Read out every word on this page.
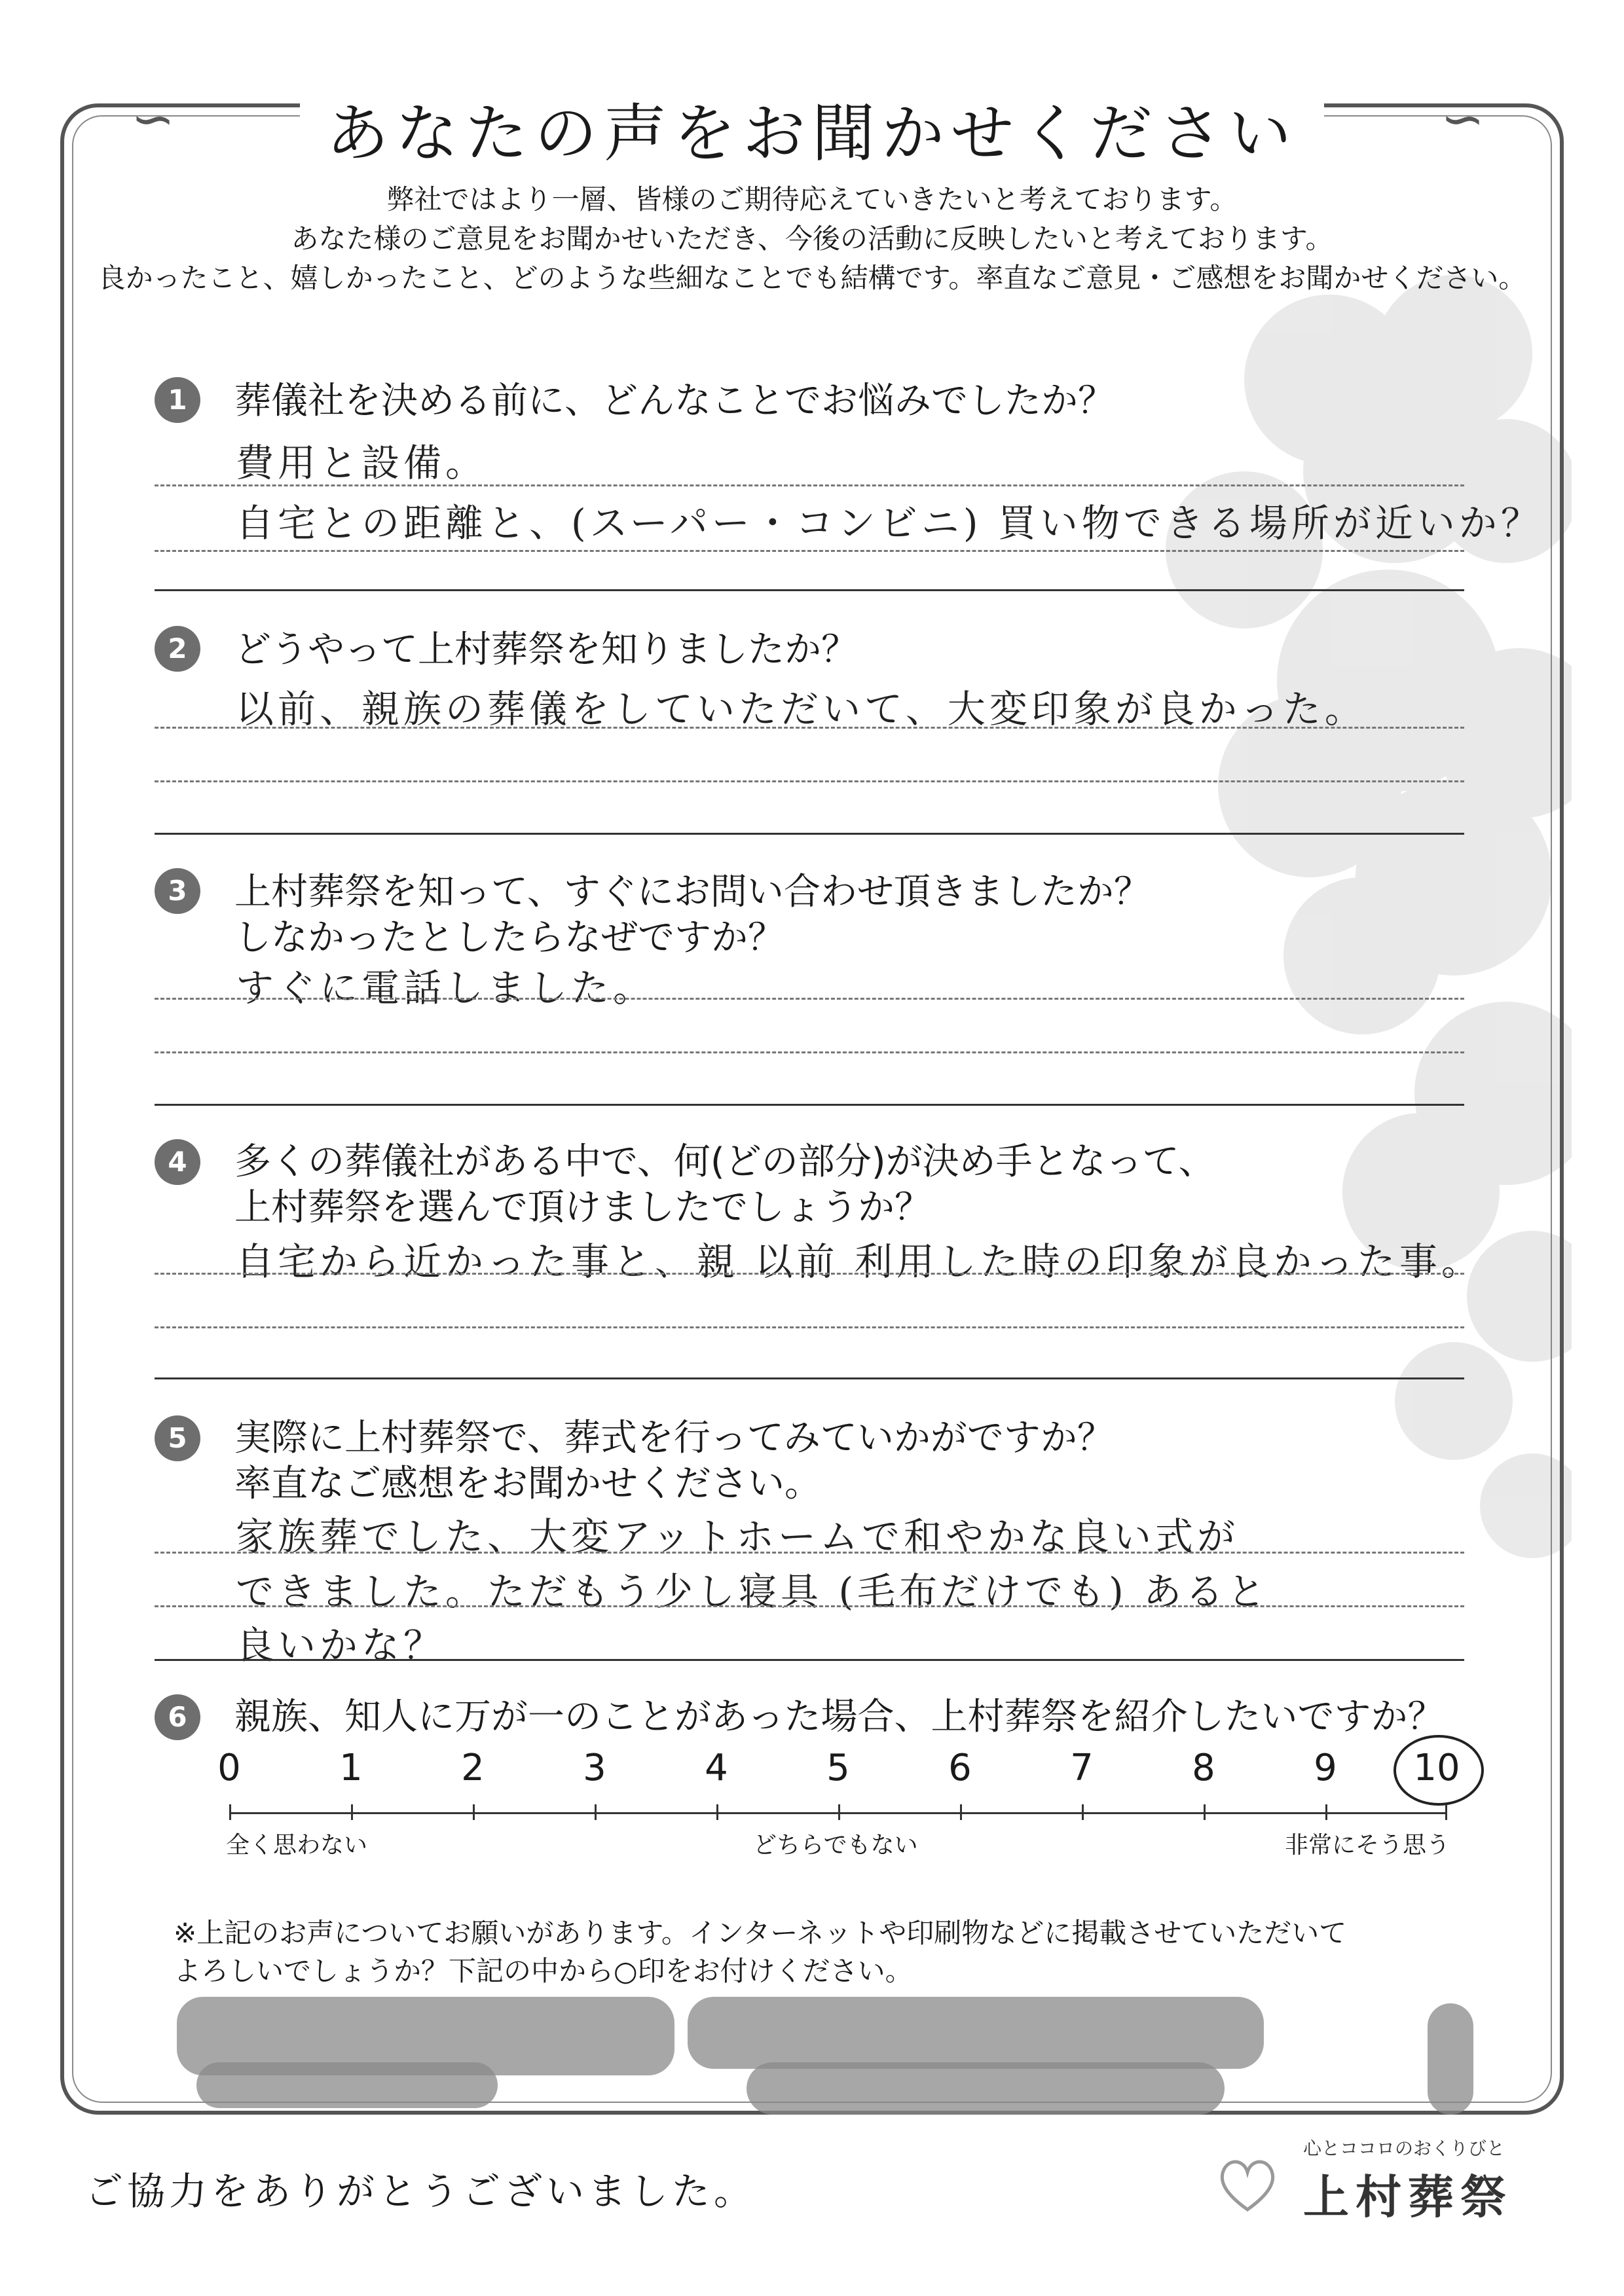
∽	∽
あなたの声をお聞かせください
弊社ではより一層、皆様のご期待応えていきたいと考えております。
あなた様のご意見をお聞かせいただき、今後の活動に反映したいと考えております。
良かったこと、嬉しかったこと、どのような些細なことでも結構です。率直なご意見・ご感想をお聞かせください。
1	葬儀社を決める前に、どんなことでお悩みでしたか？
費用と設備。
自宅との距離と、(スーパー・コンビニ) 買い物できる場所が近いか？
2	どうやって上村葬祭を知りましたか？
以前、親族の葬儀をしていただいて、大変印象が良かった。
3	上村葬祭を知って、すぐにお問い合わせ頂きましたか？
しなかったとしたらなぜですか？
すぐに電話しました。
4	多くの葬儀社がある中で、何(どの部分)が決め手となって、
上村葬祭を選んで頂けましたでしょうか？
自宅から近かった事と、親 以前 利用した時の印象が良かった事。
5	実際に上村葬祭で、葬式を行ってみていかがですか？
率直なご感想をお聞かせください。
家族葬でした、大変アットホームで和やかな良い式が
できました。ただもう少し寝具 (毛布だけでも) あると
良いかな？
6	親族、知人に万が一のことがあった場合、上村葬祭を紹介したいですか？
0	1	2	3	4	5	6	7	8	9	10
全く思わない	どちらでもない	非常にそう思う
※上記のお声についてお願いがあります。インターネットや印刷物などに掲載させていただいて
よろしいでしょうか？下記の中から○印をお付けください。
ご協力をありがとうございました。
心とココロのおくりびと
上村葬祭
